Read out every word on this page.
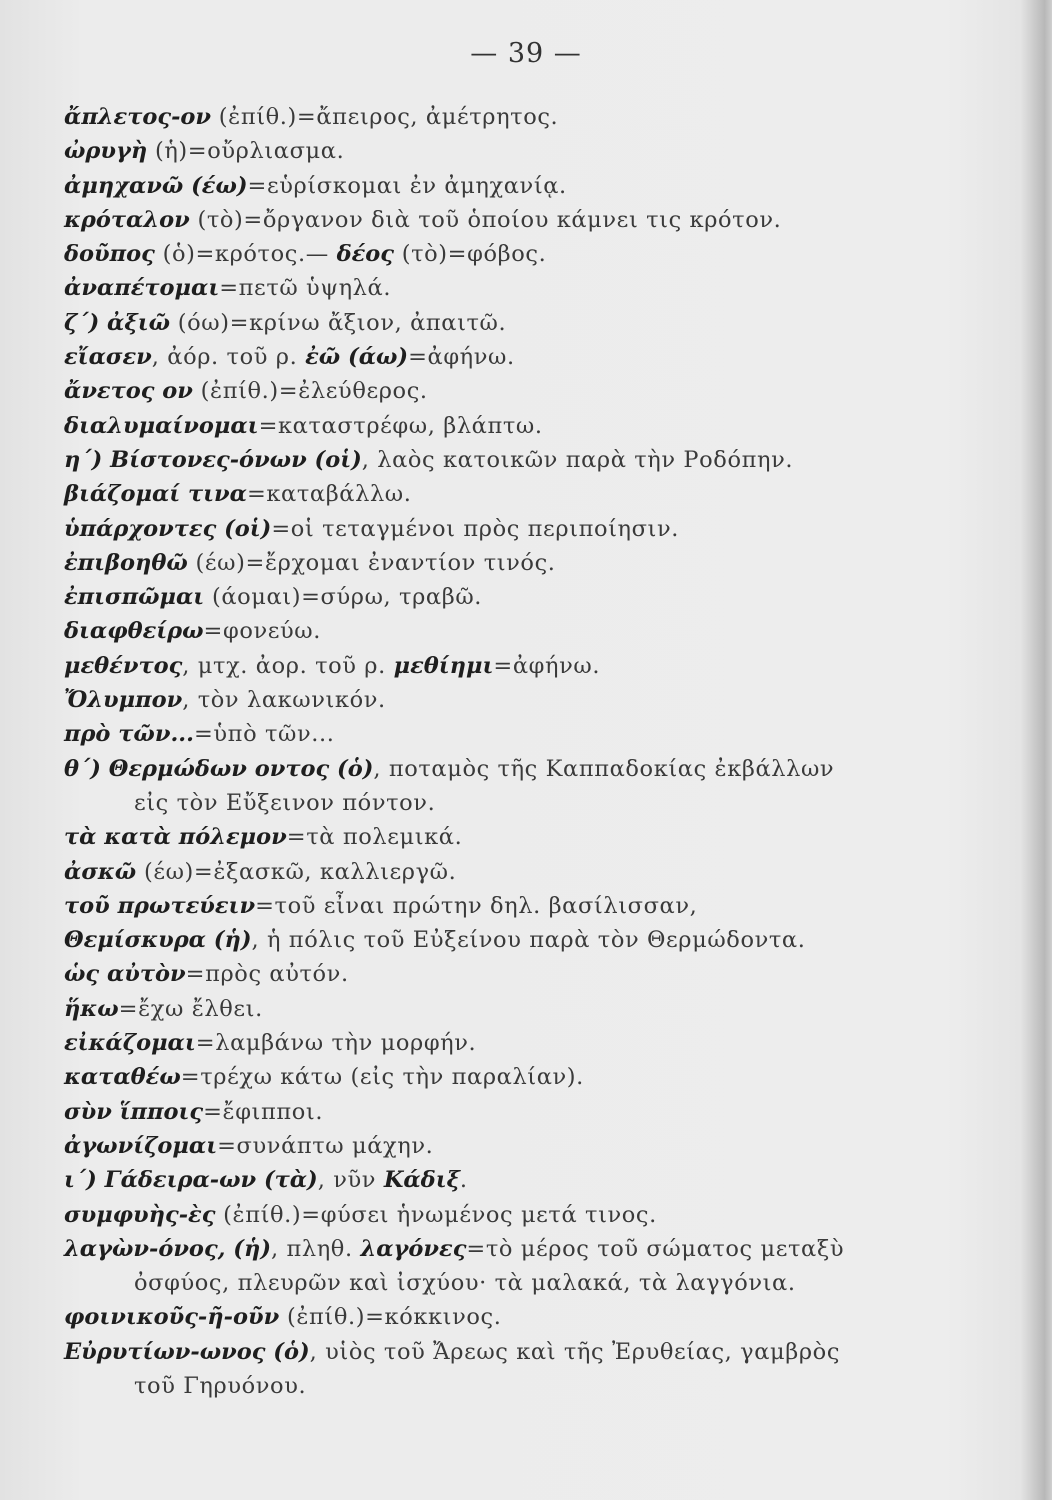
— 39 —
ἄπλετος-ον (ἐπίθ.)=ἄπειρος, ἀμέτρητος.
ὠρυγὴ (ἡ)=οὔρλιασμα.
ἀμηχανῶ (έω)=εὑρίσκομαι ἐν ἀμηχανίᾳ.
κρόταλον (τὸ)=ὄργανον διὰ τοῦ ὁποίου κάμνει τις κρότον.
δοῦπος (ὁ)=κρότος.— δέος (τὸ)=φόβος.
ἀναπέτομαι=πετῶ ὑψηλά.
ζ΄) ἀξιῶ (όω)=κρίνω ἄξιον, ἀπαιτῶ.
εἴασεν, ἀόρ. τοῦ ρ. ἐῶ (άω)=ἀφήνω.
ἄνετος ον (ἐπίθ.)=ἐλεύθερος.
διαλυμαίνομαι=καταστρέφω, βλάπτω.
η΄) Βίστονες-όνων (οἱ), λαὸς κατοικῶν παρὰ τὴν Ροδόπην.
βιάζομαί τινα=καταβάλλω.
ὑπάρχοντες (οἱ)=οἱ τεταγμένοι πρὸς περιποίησιν.
ἐπιβοηθῶ (έω)=ἔρχομαι ἐναντίον τινός.
ἐπισπῶμαι (άομαι)=σύρω, τραβῶ.
διαφθείρω=φονεύω.
μεθέντος, μτχ. ἀορ. τοῦ ρ. μεθίημι=ἀφήνω.
Ὄλυμπον, τὸν λακωνικόν.
πρὸ τῶν...=ὑπὸ τῶν...
θ΄) Θερμώδων οντος (ὁ), ποταμὸς τῆς Καππαδοκίας ἐκβάλλων
εἰς τὸν Εὔξεινον πόντον.
τὰ κατὰ πόλεμον=τὰ πολεμικά.
ἀσκῶ (έω)=ἐξασκῶ, καλλιεργῶ.
τοῦ πρωτεύειν=τοῦ εἶναι πρώτην δηλ. βασίλισσαν,
Θεμίσκυρα (ἡ), ἡ πόλις τοῦ Εὐξείνου παρὰ τὸν Θερμώδοντα.
ὡς αὐτὸν=πρὸς αὐτόν.
ἥκω=ἔχω ἔλθει.
εἰκάζομαι=λαμβάνω τὴν μορφήν.
καταθέω=τρέχω κάτω (εἰς τὴν παραλίαν).
σὺν ἵπποις=ἔφιπποι.
ἀγωνίζομαι=συνάπτω μάχην.
ι΄) Γάδειρα-ων (τὰ), νῦν Κάδιξ.
συμφυὴς-ὲς (ἐπίθ.)=φύσει ἡνωμένος μετά τινος.
λαγὼν-όνος, (ἡ), πληθ. λαγόνες=τὸ μέρος τοῦ σώματος μεταξὺ
ὀσφύος, πλευρῶν καὶ ἰσχύου· τὰ μαλακά, τὰ λαγγόνια.
φοινικοῦς-ῆ-οῦν (ἐπίθ.)=κόκκινος.
Εὐρυτίων-ωνος (ὁ), υἱὸς τοῦ Ἄρεως καὶ τῆς Ἐρυθείας, γαμβρὸς
τοῦ Γηρυόνου.
